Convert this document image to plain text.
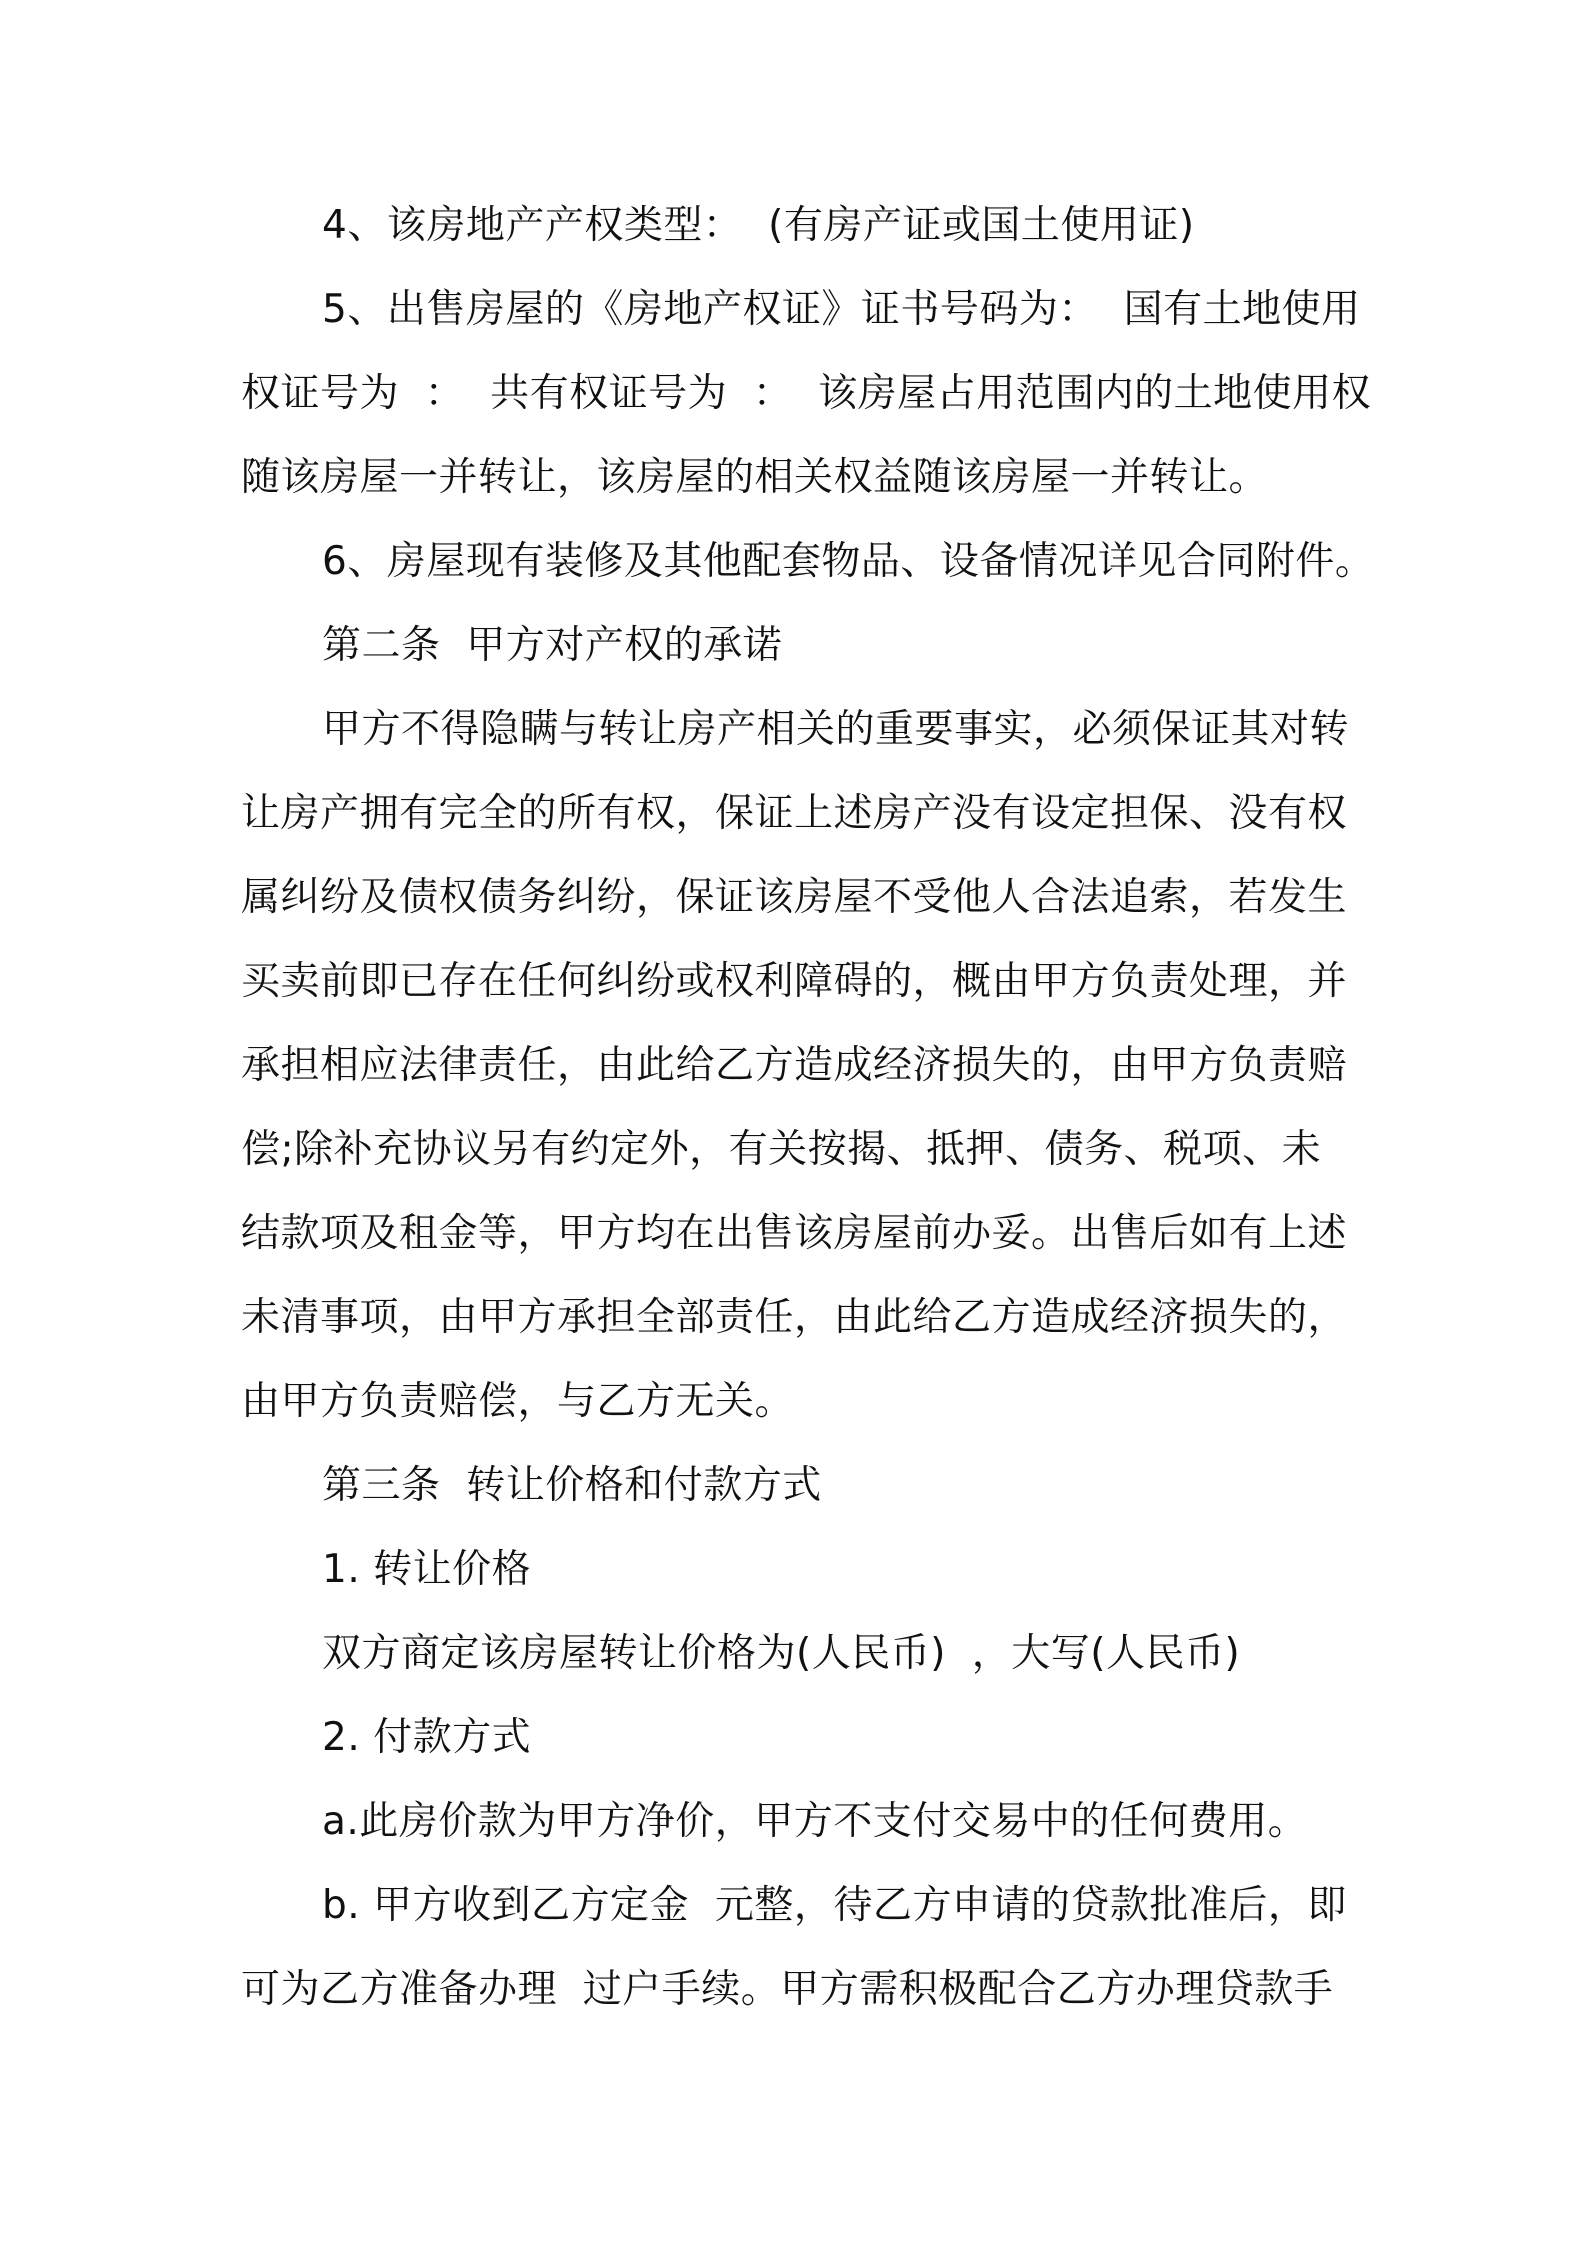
4、该房地产产权类型：  (有房产证或国土使用证)
5、出售房屋的《房地产权证》证书号码为：  国有土地使用
权证号为  ：  共有权证号为  ：  该房屋占用范围内的土地使用权
随该房屋一并转让，该房屋的相关权益随该房屋一并转让。
6、房屋现有装修及其他配套物品、设备情况详见合同附件。
第二条  甲方对产权的承诺
甲方不得隐瞒与转让房产相关的重要事实，必须保证其对转
让房产拥有完全的所有权，保证上述房产没有设定担保、没有权
属纠纷及债权债务纠纷，保证该房屋不受他人合法追索，若发生
买卖前即已存在任何纠纷或权利障碍的，概由甲方负责处理，并
承担相应法律责任，由此给乙方造成经济损失的，由甲方负责赔
偿;除补充协议另有约定外，有关按揭、抵押、债务、税项、未
结款项及租金等，甲方均在出售该房屋前办妥。出售后如有上述
未清事项，由甲方承担全部责任，由此给乙方造成经济损失的，
由甲方负责赔偿，与乙方无关。
第三条  转让价格和付款方式
1. 转让价格
双方商定该房屋转让价格为(人民币)  ，大写(人民币)
2. 付款方式
a.此房价款为甲方净价，甲方不支付交易中的任何费用。
b. 甲方收到乙方定金  元整，待乙方申请的贷款批准后，即
可为乙方准备办理  过户手续。甲方需积极配合乙方办理贷款手
